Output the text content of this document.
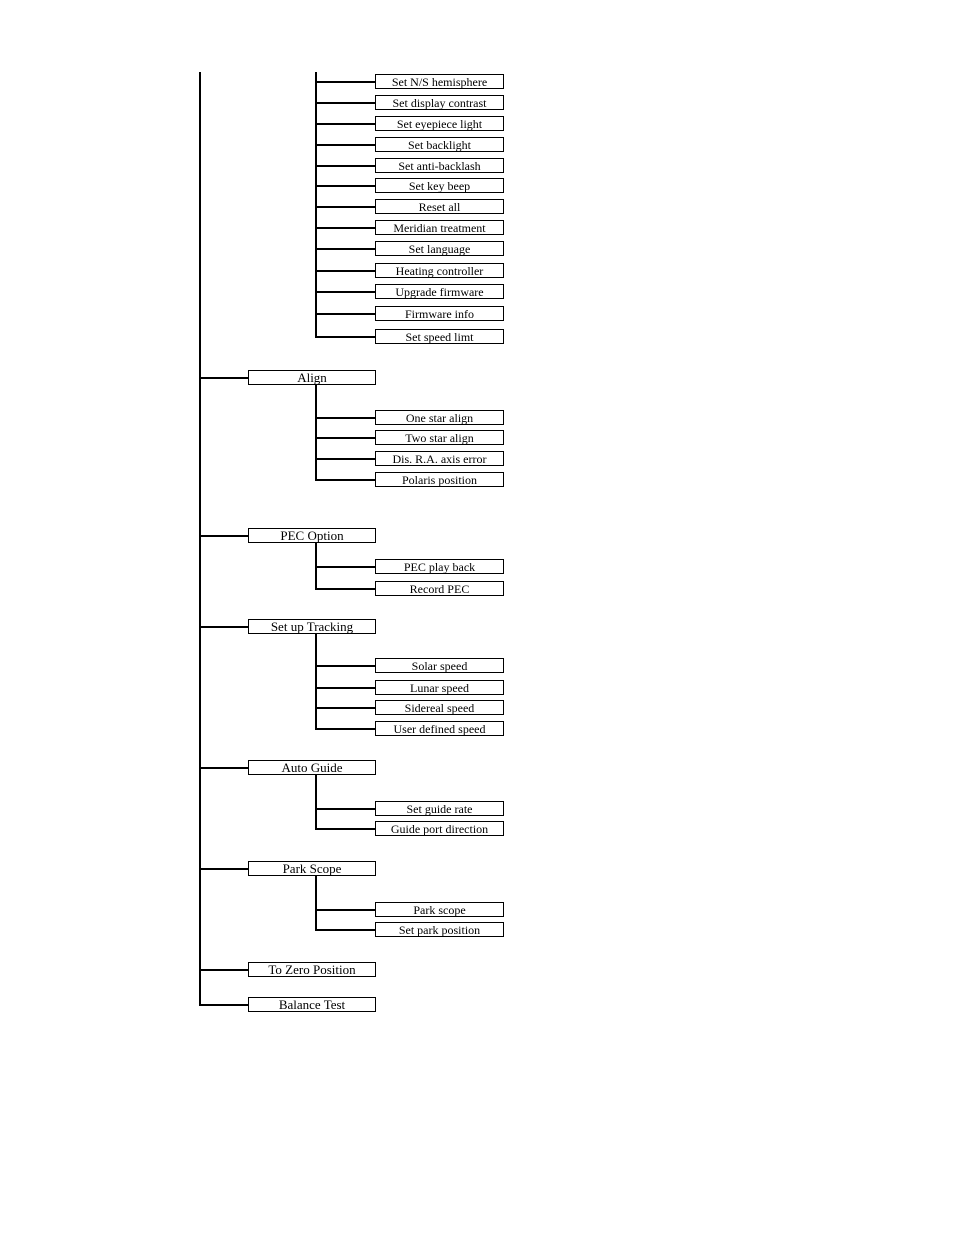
Set N/S hemisphere
Set display contrast
Set eyepiece light
Set backlight
Set anti-backlash
Set key beep
Reset all
Meridian treatment
Set language
Heating controller
Upgrade firmware
Firmware info
Set speed limt
Align
One star align
Two star align
Dis. R.A. axis error
Polaris position
PEC Option
PEC play back
Record PEC
Set up Tracking
Solar speed
Lunar speed
Sidereal speed
User defined speed
Auto Guide
Set guide rate
Guide port direction
Park Scope
Park scope
Set park position
To Zero Position
Balance Test
